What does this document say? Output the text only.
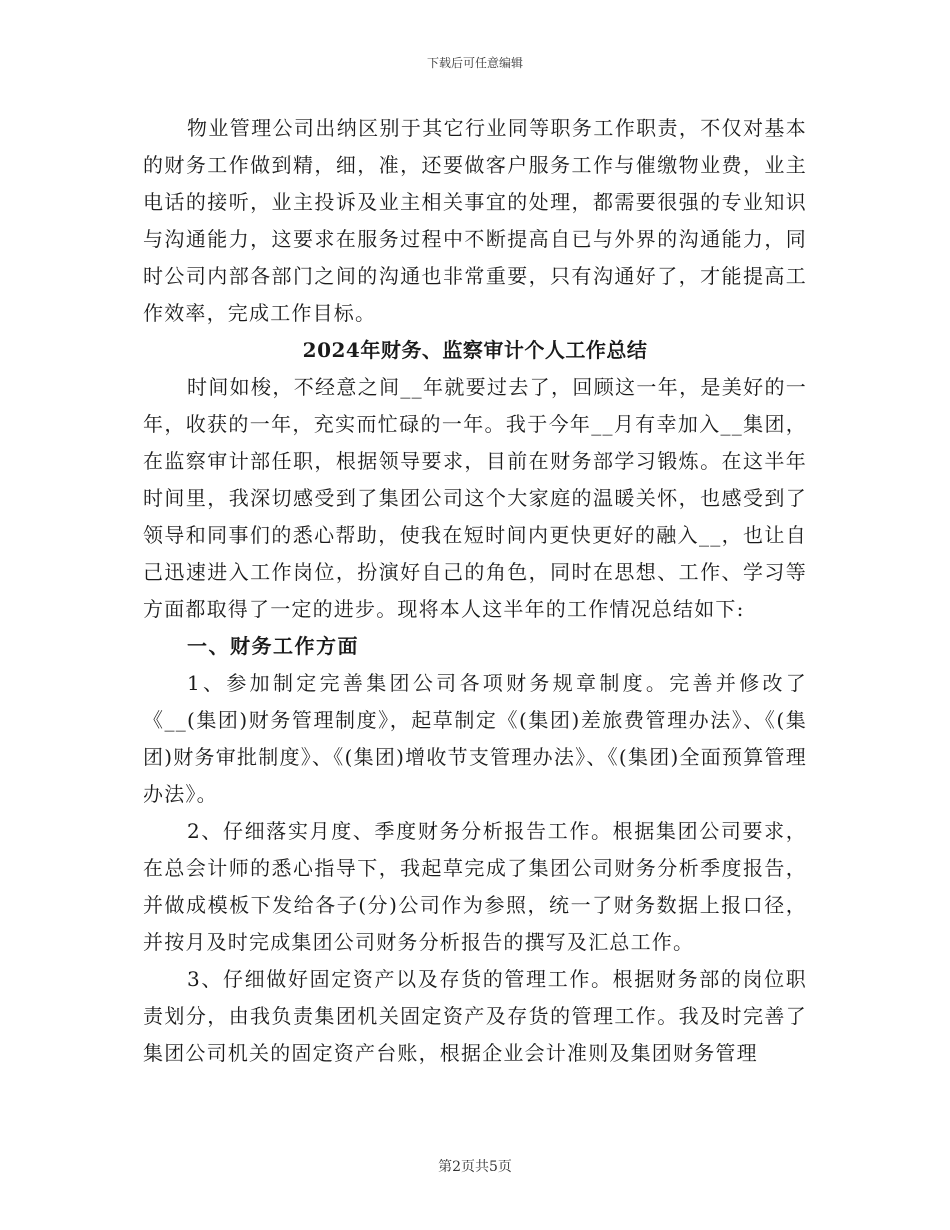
下载后可任意编辑

物业管理公司出纳区别于其它行业同等职务工作职责，不仅对基本的财务工作做到精，细，准，还要做客户服务工作与催缴物业费，业主电话的接听，业主投诉及业主相关事宜的处理，都需要很强的专业知识与沟通能力，这要求在服务过程中不断提高自已与外界的沟通能力，同时公司内部各部门之间的沟通也非常重要，只有沟通好了，才能提高工作效率，完成工作目标。

2024年财务、监察审计个人工作总结

时间如梭，不经意之间__年就要过去了，回顾这一年，是美好的一年，收获的一年，充实而忙碌的一年。我于今年__月有幸加入__集团，在监察审计部任职，根据领导要求，目前在财务部学习锻炼。在这半年时间里，我深切感受到了集团公司这个大家庭的温暖关怀，也感受到了领导和同事们的悉心帮助，使我在短时间内更快更好的融入__，也让自己迅速进入工作岗位，扮演好自己的角色，同时在思想、工作、学习等方面都取得了一定的进步。现将本人这半年的工作情况总结如下:

一、财务工作方面

1、参加制定完善集团公司各项财务规章制度。完善并修改了《__(集团)财务管理制度》，起草制定《(集团)差旅费管理办法》、《(集团)财务审批制度》、《(集团)增收节支管理办法》、《(集团)全面预算管理办法》。

2、仔细落实月度、季度财务分析报告工作。根据集团公司要求，在总会计师的悉心指导下，我起草完成了集团公司财务分析季度报告，并做成模板下发给各子(分)公司作为参照，统一了财务数据上报口径，并按月及时完成集团公司财务分析报告的撰写及汇总工作。

3、仔细做好固定资产以及存货的管理工作。根据财务部的岗位职责划分，由我负责集团机关固定资产及存货的管理工作。我及时完善了集团公司机关的固定资产台账，根据企业会计准则及集团财务管理

第2页共5页
